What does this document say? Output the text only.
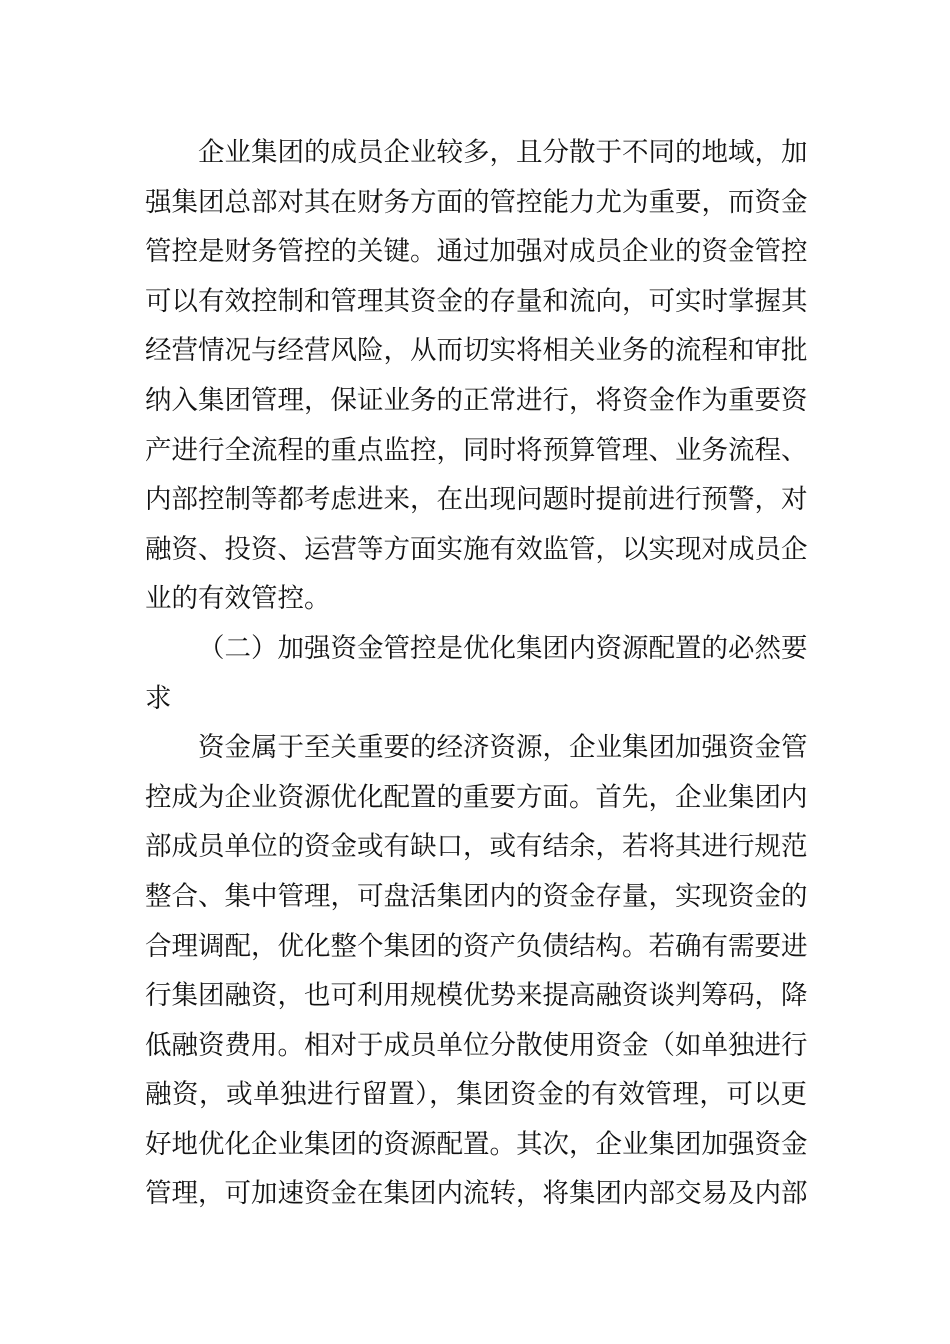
企业集团的成员企业较多，且分散于不同的地域，加
强集团总部对其在财务方面的管控能力尤为重要，而资金
管控是财务管控的关键。通过加强对成员企业的资金管控
可以有效控制和管理其资金的存量和流向，可实时掌握其
经营情况与经营风险，从而切实将相关业务的流程和审批
纳入集团管理，保证业务的正常进行，将资金作为重要资
产进行全流程的重点监控，同时将预算管理、业务流程、
内部控制等都考虑进来，在出现问题时提前进行预警，对
融资、投资、运营等方面实施有效监管，以实现对成员企
业的有效管控。
（二）加强资金管控是优化集团内资源配置的必然要
求
资金属于至关重要的经济资源，企业集团加强资金管
控成为企业资源优化配置的重要方面。首先，企业集团内
部成员单位的资金或有缺口，或有结余，若将其进行规范
整合、集中管理，可盘活集团内的资金存量，实现资金的
合理调配，优化整个集团的资产负债结构。若确有需要进
行集团融资，也可利用规模优势来提高融资谈判筹码，降
低融资费用。相对于成员单位分散使用资金（如单独进行
融资，或单独进行留置），集团资金的有效管理，可以更
好地优化企业集团的资源配置。其次，企业集团加强资金
管理，可加速资金在集团内流转，将集团内部交易及内部
